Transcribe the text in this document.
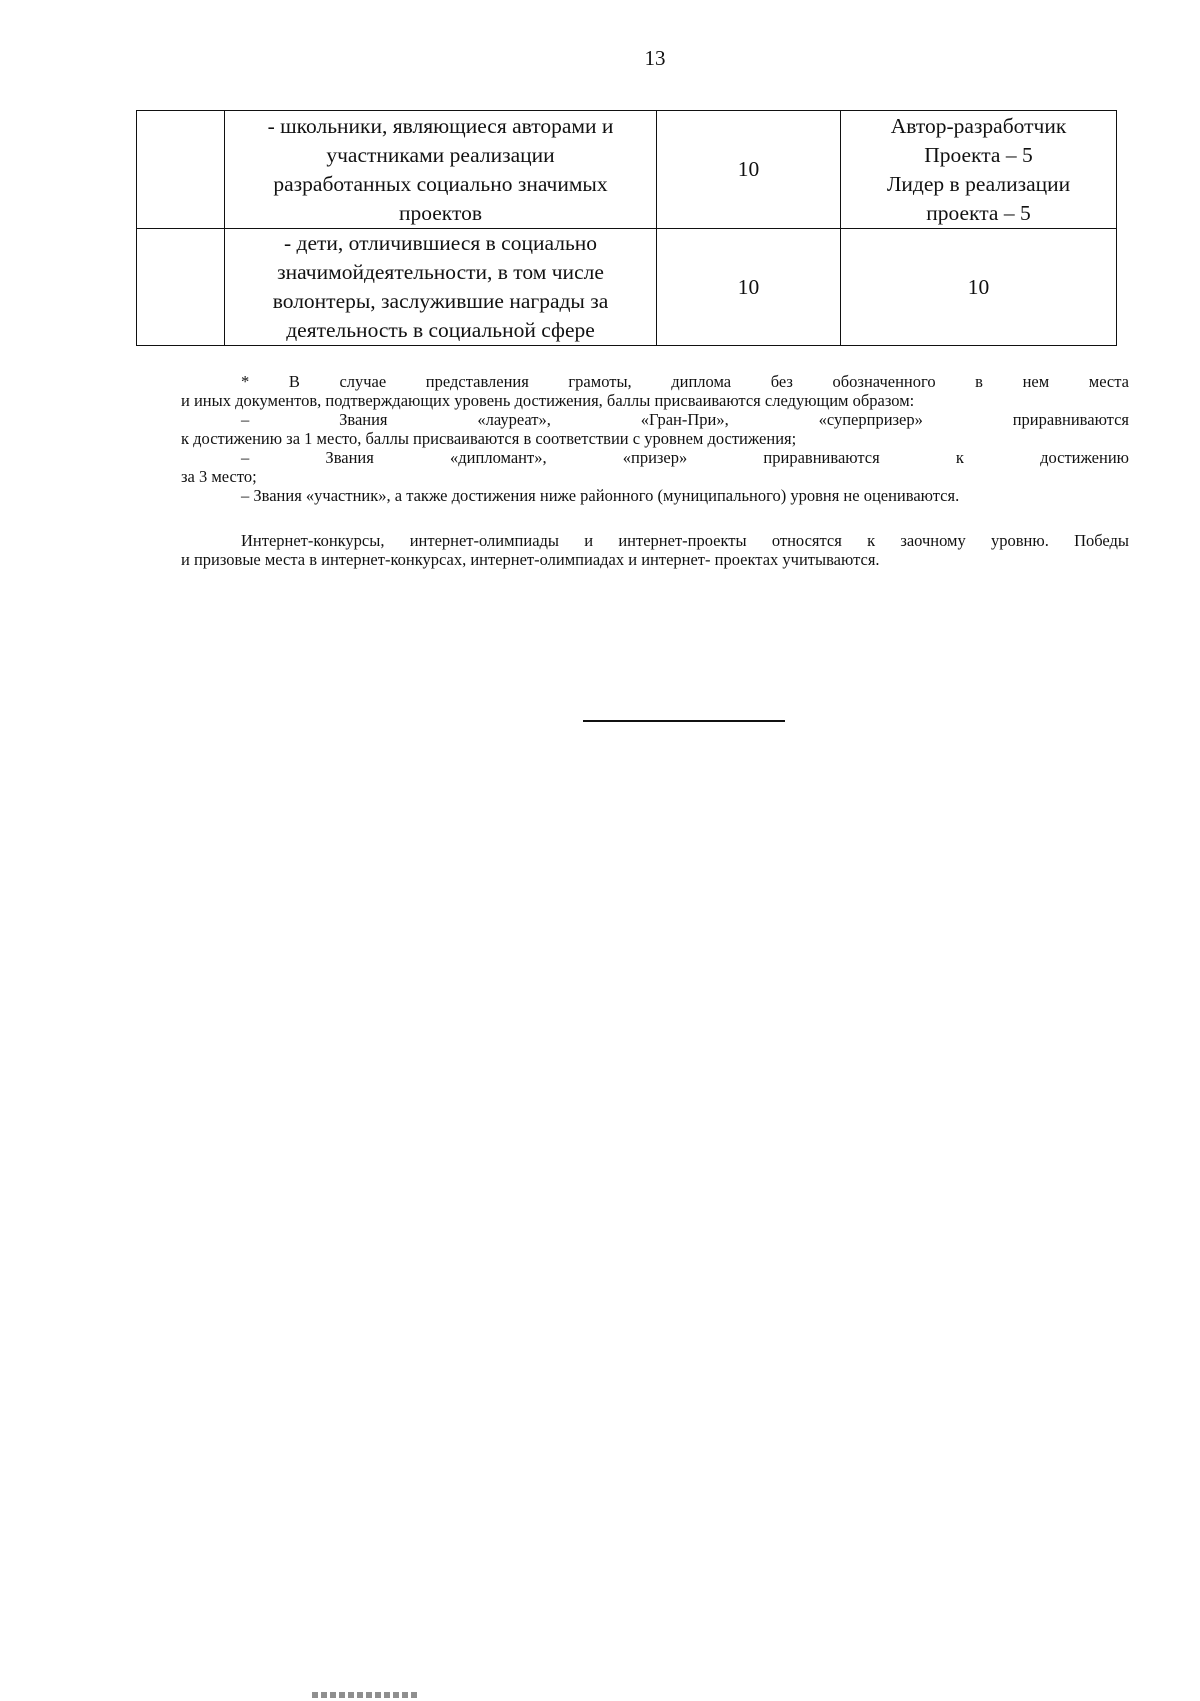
13

	- школьники, являющиеся авторами и
участниками реализации
разработанных социально значимых
проектов	10	Автор-разработчик
Проекта – 5
Лидер в реализации
проекта – 5

	- дети, отличившиеся в социально
значимойдеятельности, в том числе
волонтеры, заслужившие награды за
деятельность в социальной сфере	10	10

* В случае представления грамоты, диплома без обозначенного в нем места

и иных документов, подтверждающих уровень достижения, баллы присваиваются следующим образом:

– Звания «лауреат», «Гран-При», «суперпризер» приравниваются

к достижению за 1 место, баллы присваиваются в соответствии с уровнем достижения;

– Звания «дипломант», «призер» приравниваются к достижению

за 3 место;

– Звания «участник», а также достижения ниже районного (муниципального) уровня не оцениваются.

Интернет-конкурсы, интернет-олимпиады и интернет-проекты относятся к заочному уровню. Победы

и призовые места в интернет-конкурсах, интернет-олимпиадах и интернет- проектах учитываются.
